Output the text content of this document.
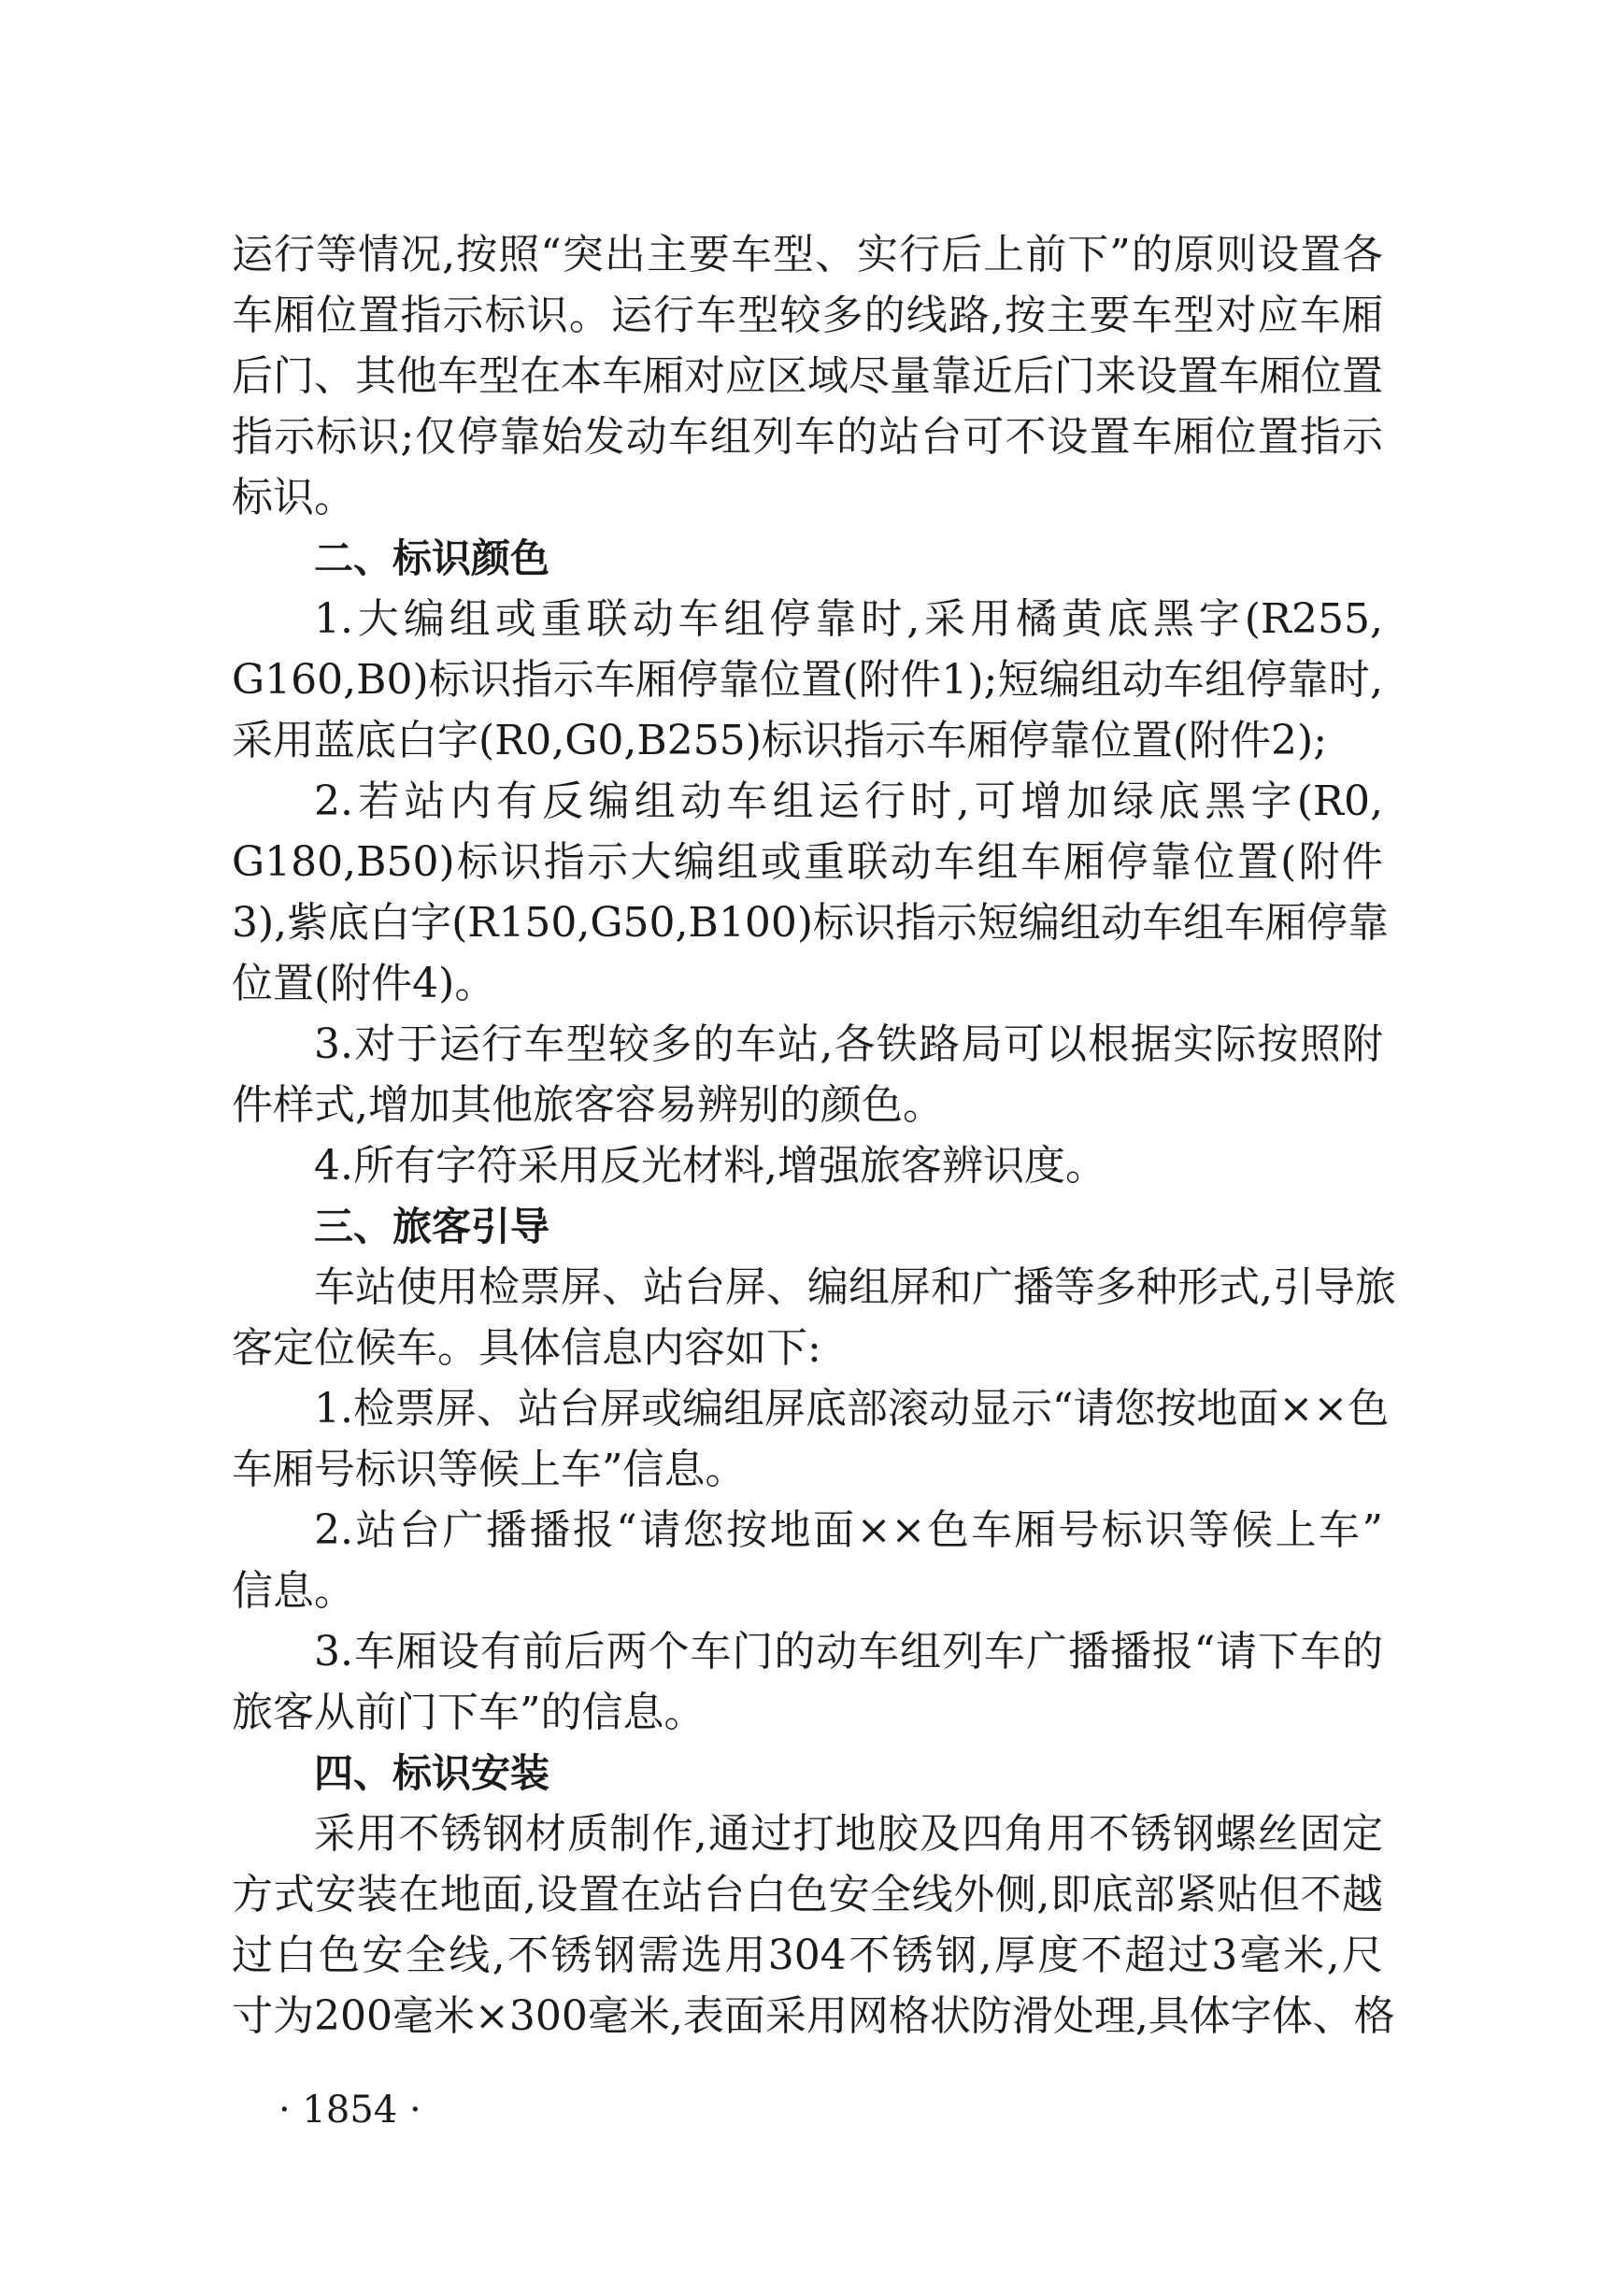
运行等情况,按照“突出主要车型、实行后上前下”的原则设置各
车厢位置指示标识。运行车型较多的线路,按主要车型对应车厢
后门、其他车型在本车厢对应区域尽量靠近后门来设置车厢位置
指示标识;仅停靠始发动车组列车的站台可不设置车厢位置指示
标识。
二、标识颜色
1.大编组或重联动车组停靠时,采用橘黄底黑字(R255,
G160,B0)标识指示车厢停靠位置(附件1);短编组动车组停靠时,
采用蓝底白字(R0,G0,B255)标识指示车厢停靠位置(附件2);
2.若站内有反编组动车组运行时,可增加绿底黑字(R0,
G180,B50)标识指示大编组或重联动车组车厢停靠位置(附件
3),紫底白字(R150,G50,B100)标识指示短编组动车组车厢停靠
位置(附件4)。
3.对于运行车型较多的车站,各铁路局可以根据实际按照附
件样式,增加其他旅客容易辨别的颜色。
4.所有字符采用反光材料,增强旅客辨识度。
三、旅客引导
车站使用检票屏、站台屏、编组屏和广播等多种形式,引导旅
客定位候车。具体信息内容如下:
1.检票屏、站台屏或编组屏底部滚动显示“请您按地面××色
车厢号标识等候上车”信息。
2.站台广播播报“请您按地面××色车厢号标识等候上车”
信息。
3.车厢设有前后两个车门的动车组列车广播播报“请下车的
旅客从前门下车”的信息。
四、标识安装
采用不锈钢材质制作,通过打地胶及四角用不锈钢螺丝固定
方式安装在地面,设置在站台白色安全线外侧,即底部紧贴但不越
过白色安全线,不锈钢需选用304不锈钢,厚度不超过3毫米,尺
寸为200毫米×300毫米,表面采用网格状防滑处理,具体字体、格
· 1854 ·
